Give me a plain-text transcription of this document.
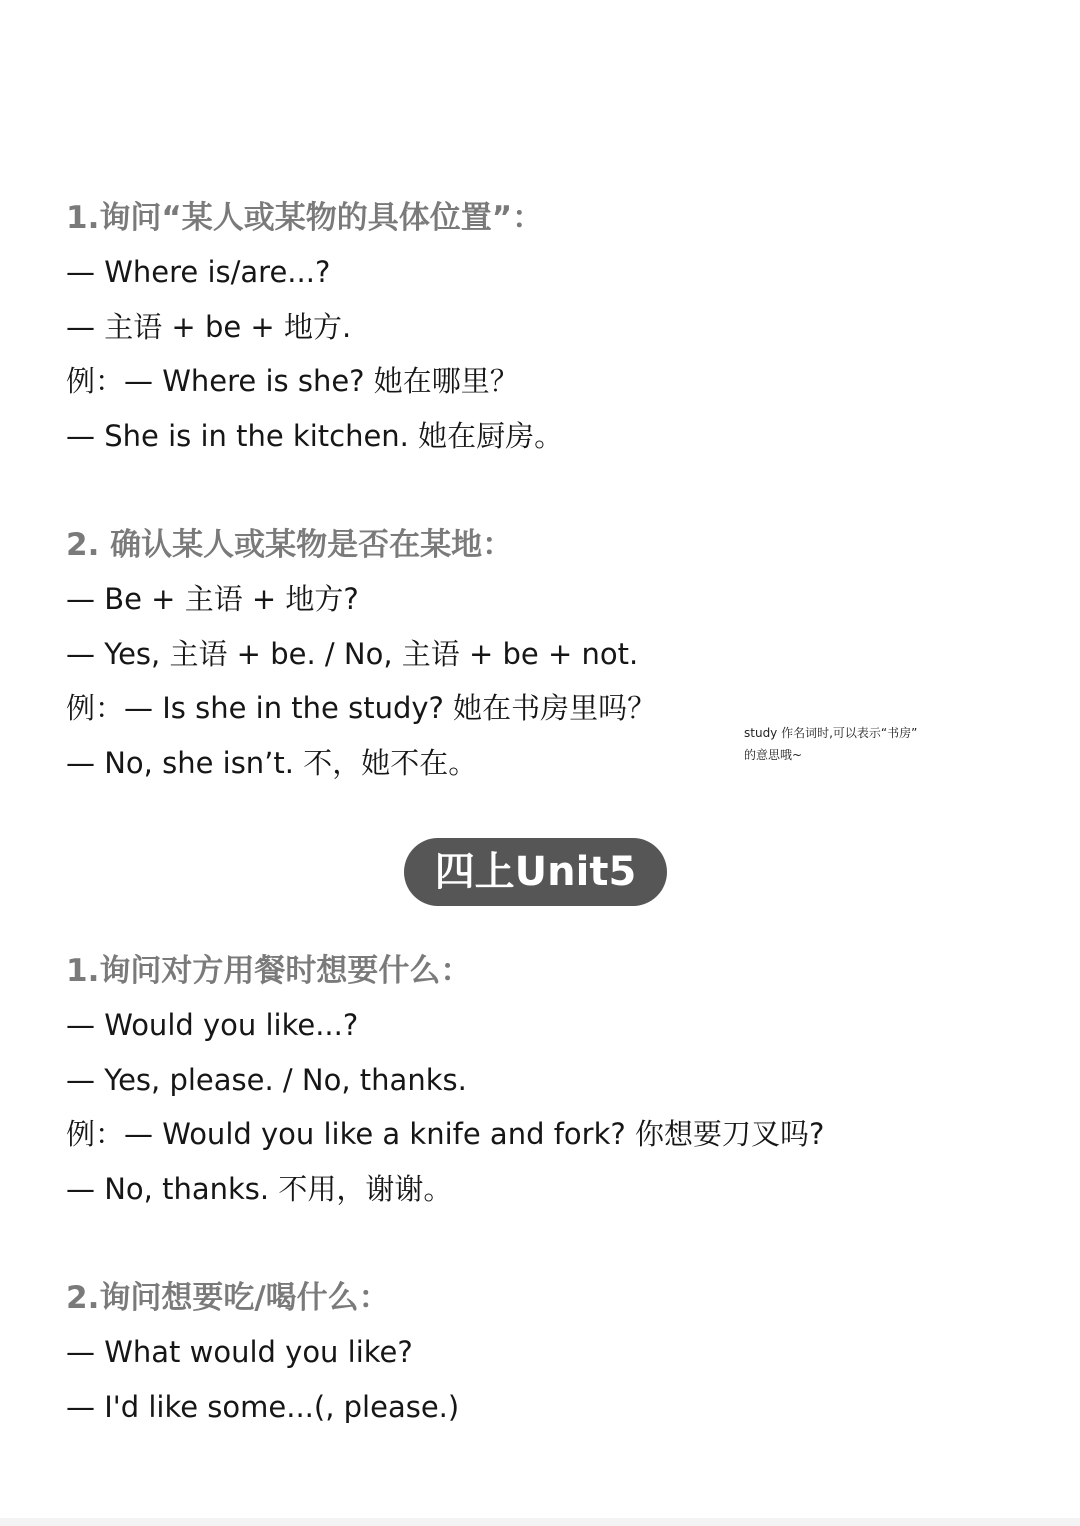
1.询问“某人或某物的具体位置”：
— Where is/are...?
— 主语 + be + 地方.
例：— Where is she? 她在哪里？
— She is in the kitchen. 她在厨房。
2. 确认某人或某物是否在某地：
— Be + 主语 + 地方?
— Yes, 主语 + be. / No, 主语 + be + not.
例：— Is she in the study? 她在书房里吗？
— No, she isn’t. 不，她不在。
study 作名词时,可以表示“书房”
的意思哦~
四上Unit5
1.询问对方用餐时想要什么：
— Would you like...?
— Yes, please. / No, thanks.
例：— Would you like a knife and fork? 你想要刀叉吗?
— No, thanks. 不用，谢谢。
2.询问想要吃/喝什么：
— What would you like?
— I'd like some...(, please.)
